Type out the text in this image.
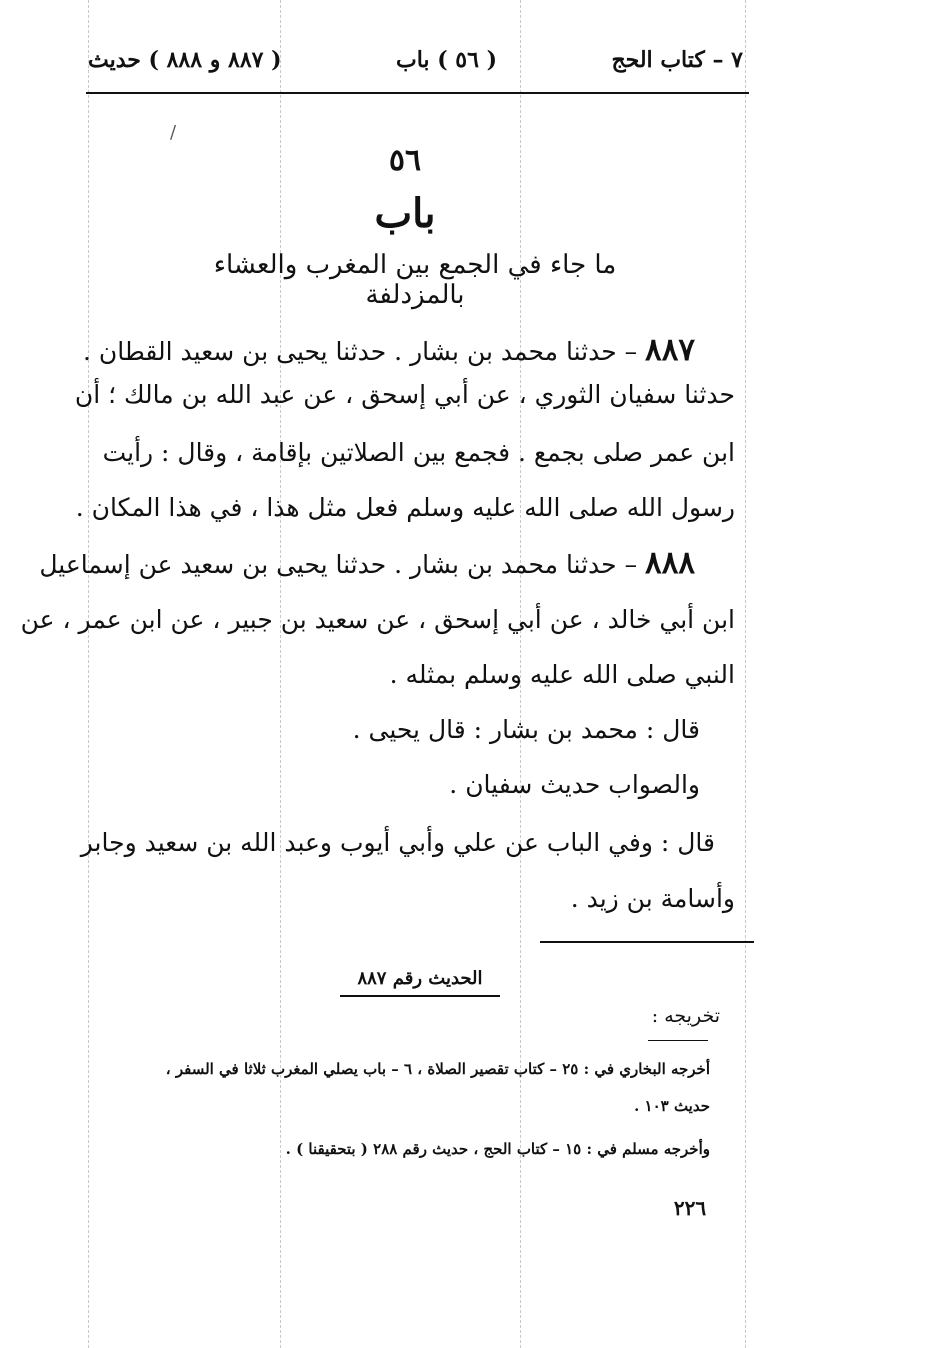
٧ – كتاب الحج
( ٥٦ ) باب
( ٨٨٧ و ٨٨٨ ) حديث
/
٥٦
باب
ما جاء في الجمع بين المغرب والعشاء بالمزدلفة
٨٨٧ – حدثنا محمد بن بشار . حدثنا يحيى بن سعيد القطان .
حدثنا سفيان الثوري ، عن أبي إسحق ، عن عبد الله بن مالك ؛ أن
ابن عمر صلى بجمع . فجمع بين الصلاتين بإقامة ، وقال : رأيت
رسول الله صلى الله عليه وسلم فعل مثل هذا ، في هذا المكان .
٨٨٨ – حدثنا محمد بن بشار . حدثنا يحيى بن سعيد عن إسماعيل
ابن أبي خالد ، عن أبي إسحق ، عن سعيد بن جبير ، عن ابن عمر ، عن
النبي صلى الله عليه وسلم بمثله .
قال : محمد بن بشار : قال يحيى .
والصواب حديث سفيان .
قال : وفي الباب عن علي وأبي أيوب وعبد الله بن سعيد وجابر
وأسامة بن زيد .
الحديث رقم ٨٨٧
تخريجه :
أخرجه البخاري في : ٢٥ – كتاب تقصير الصلاة ، ٦ – باب يصلي المغرب ثلاثا في السفر ،
حديث ١٠٣ .
وأخرجه مسلم في : ١٥ – كتاب الحج ، حديث رقم ٢٨٨ ( بتحقيقنا ) .
٢٢٦
